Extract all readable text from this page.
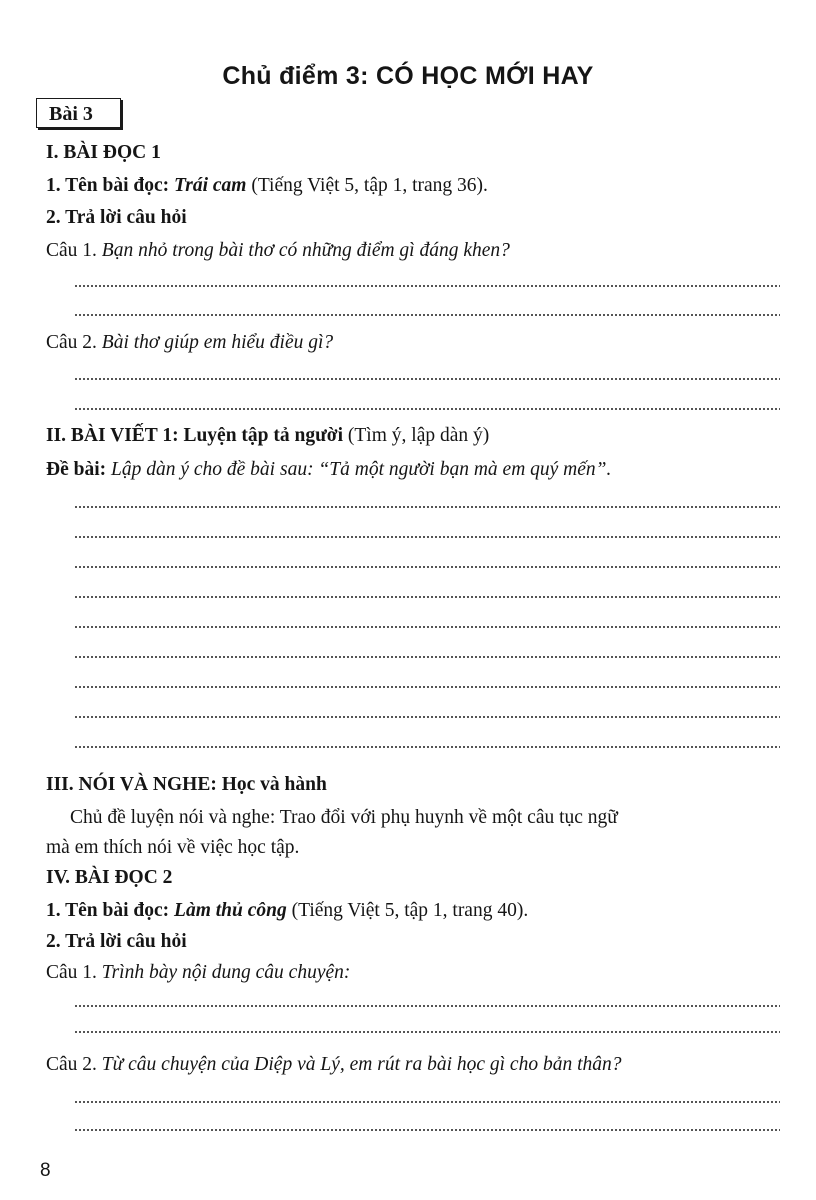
Chủ điểm 3: CÓ HỌC MỚI HAY
Bài 3
I. BÀI ĐỌC 1
1. Tên bài đọc: Trái cam (Tiếng Việt 5, tập 1, trang 36).
2. Trả lời câu hỏi
Câu 1. Bạn nhỏ trong bài thơ có những điểm gì đáng khen?
Câu 2. Bài thơ giúp em hiểu điều gì?
II. BÀI VIẾT 1: Luyện tập tả người (Tìm ý, lập dàn ý)
Đề bài: Lập dàn ý cho đề bài sau: “Tả một người bạn mà em quý mến”.
III. NÓI VÀ NGHE: Học và hành
Chủ đề luyện nói và nghe: Trao đổi với phụ huynh về một câu tục ngữ
mà em thích nói về việc học tập.
IV. BÀI ĐỌC 2
1. Tên bài đọc: Làm thủ công (Tiếng Việt 5, tập 1, trang 40).
2. Trả lời câu hỏi
Câu 1. Trình bày nội dung câu chuyện:
Câu 2. Từ câu chuyện của Diệp và Lý, em rút ra bài học gì cho bản thân?
8
